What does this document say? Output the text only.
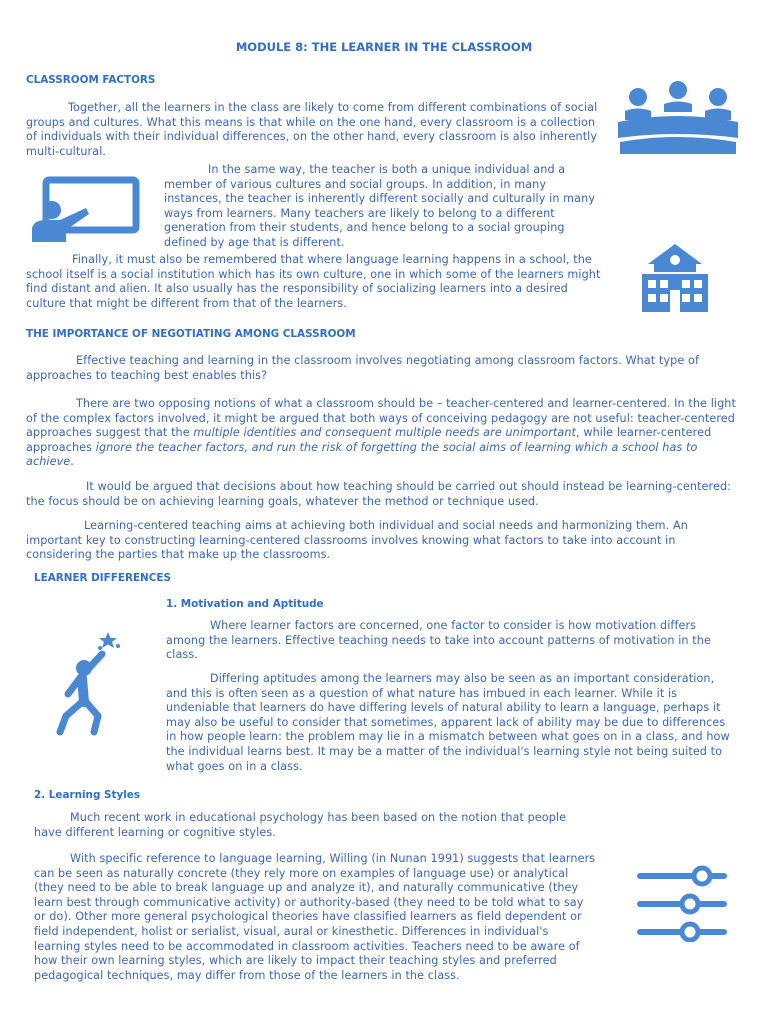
MODULE 8: THE LEARNER IN THE CLASSROOM
CLASSROOM FACTORS

Together, all the learners in the class are likely to come from different combinations of social groups and cultures. What this means is that while on the one hand, every classroom is a collection of individuals with their individual differences, on the other hand, every classroom is also inherently multi-cultural.

In the same way, the teacher is both a unique individual and a member of various cultures and social groups. In addition, in many instances, the teacher is inherently different socially and culturally in many ways from learners. Many teachers are likely to belong to a different generation from their students, and hence belong to a social grouping defined by age that is different.

Finally, it must also be remembered that where language learning happens in a school, the school itself is a social institution which has its own culture, one in which some of the learners might find distant and alien. It also usually has the responsibility of socializing learners into a desired culture that might be different from that of the learners.

THE IMPORTANCE OF NEGOTIATING AMONG CLASSROOM

Effective teaching and learning in the classroom involves negotiating among classroom factors. What type of approaches to teaching best enables this?

There are two opposing notions of what a classroom should be – teacher-centered and learner-centered. In the light of the complex factors involved, it might be argued that both ways of conceiving pedagogy are not useful: teacher-centered approaches suggest that the multiple identities and consequent multiple needs are unimportant, while learner-centered approaches ignore the teacher factors, and run the risk of forgetting the social aims of learning which a school has to achieve.

It would be argued that decisions about how teaching should be carried out should instead be learning-centered: the focus should be on achieving learning goals, whatever the method or technique used.

Learning-centered teaching aims at achieving both individual and social needs and harmonizing them. An important key to constructing learning-centered classrooms involves knowing what factors to take into account in considering the parties that make up the classrooms.

LEARNER DIFFERENCES
1. Motivation and Aptitude

Where learner factors are concerned, one factor to consider is how motivation differs among the learners. Effective teaching needs to take into account patterns of motivation in the class.

Differing aptitudes among the learners may also be seen as an important consideration, and this is often seen as a question of what nature has imbued in each learner. While it is undeniable that learners do have differing levels of natural ability to learn a language, perhaps it may also be useful to consider that sometimes, apparent lack of ability may be due to differences in how people learn: the problem may lie in a mismatch between what goes on in a class, and how the individual learns best. It may be a matter of the individual's learning style not being suited to what goes on in a class.

2. Learning Styles

Much recent work in educational psychology has been based on the notion that people have different learning or cognitive styles.

With specific reference to language learning, Willing (in Nunan 1991) suggests that learners can be seen as naturally concrete (they rely more on examples of language use) or analytical (they need to be able to break language up and analyze it), and naturally communicative (they learn best through communicative activity) or authority-based (they need to be told what to say or do). Other more general psychological theories have classified learners as field dependent or field independent, holist or serialist, visual, aural or kinesthetic. Differences in individual's learning styles need to be accommodated in classroom activities. Teachers need to be aware of how their own learning styles, which are likely to impact their teaching styles and preferred pedagogical techniques, may differ from those of the learners in the class.
